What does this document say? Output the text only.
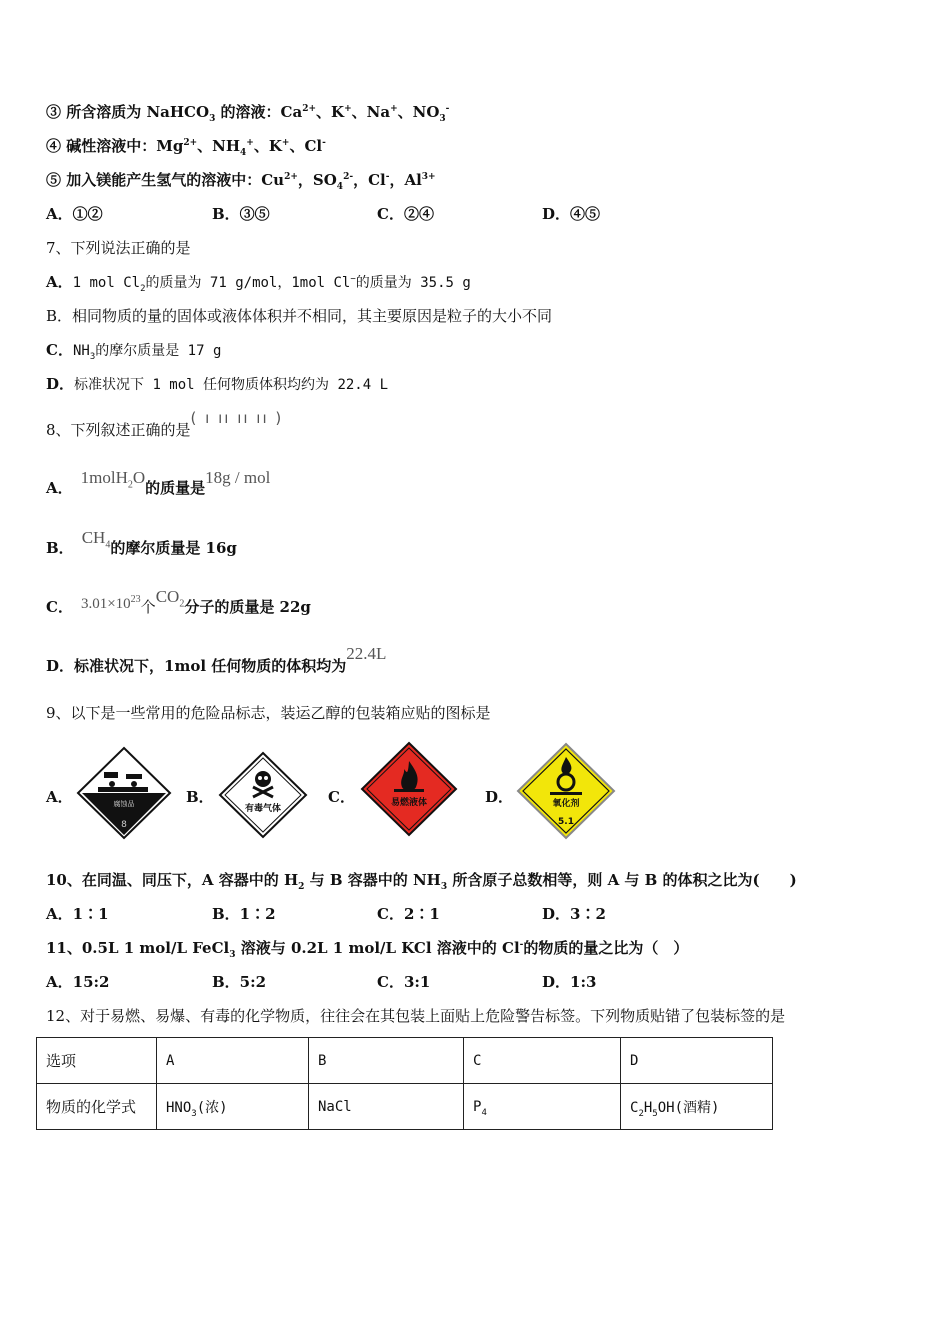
③ 所含溶质为 NaHCO$_3$ 的溶液：$Ca^{2+}$、K+、Na+、$NO_3^-$
④ 碱性溶液中：$Mg^{2+}$、$NH_4^+$、K+、Cl-
⑤ 加入镁能产生氢气的溶液中：$Cu^{2+}$，$SO_4^{2-}$，Cl-，$Al^{3+}$
A．①②	B．③⑤	C．②④	D．④⑤
7、下列说法正确的是
A．1 mol $Cl_2$的质量为 71 g/mol，1mol Cl−的质量为 35.5 g
B．相同物质的量的固体或液体体积并不相同，其主要原因是粒子的大小不同
C．$NH_3$的摩尔质量是 17 g
D．标准状况下 1 mol 任何物质体积均约为 22.4 L
8、下列叙述正确的是( ı ıı ıı ıı )
A．1molH$_2$O的质量是18g / mol
B．$CH_4$的摩尔质量是 16g
C． $3.01\times 10^{23}$个$CO_2$分子的质量是 22g
D．标准状况下，1mol 任何物质的体积均为22.4L
9、以下是一些常用的危险品标志，装运乙醇的包装箱应贴的图标是
A．	B．	C．	D．
腐蚀品
8
有毒气体
易燃液体	氧化剂
5.1
10、在同温、同压下，A 容器中的 $H_2$ 与 B 容器中的 $NH_3$ 所含原子总数相等，则 A 与 B 的体积之比为(　　)
A．1∶1	B．1∶2	C．2∶1	D．3∶2
11、0.5L 1 mol/L FeCl$_3$ 溶液与 0.2L 1 mol/L KCl 溶液中的 Cl-的物质的量之比为（　）
A．15:2	B．5:2	C．3:1	D．1:3
12、对于易燃、易爆、有毒的化学物质，往往会在其包装上面贴上危险警告标签。下列物质贴错了包装标签的是
选项	A	B	C	D
物质的化学式	$HNO_3$(浓)	NaCl	$P_4$	$C_2H_5OH$(酒精)
